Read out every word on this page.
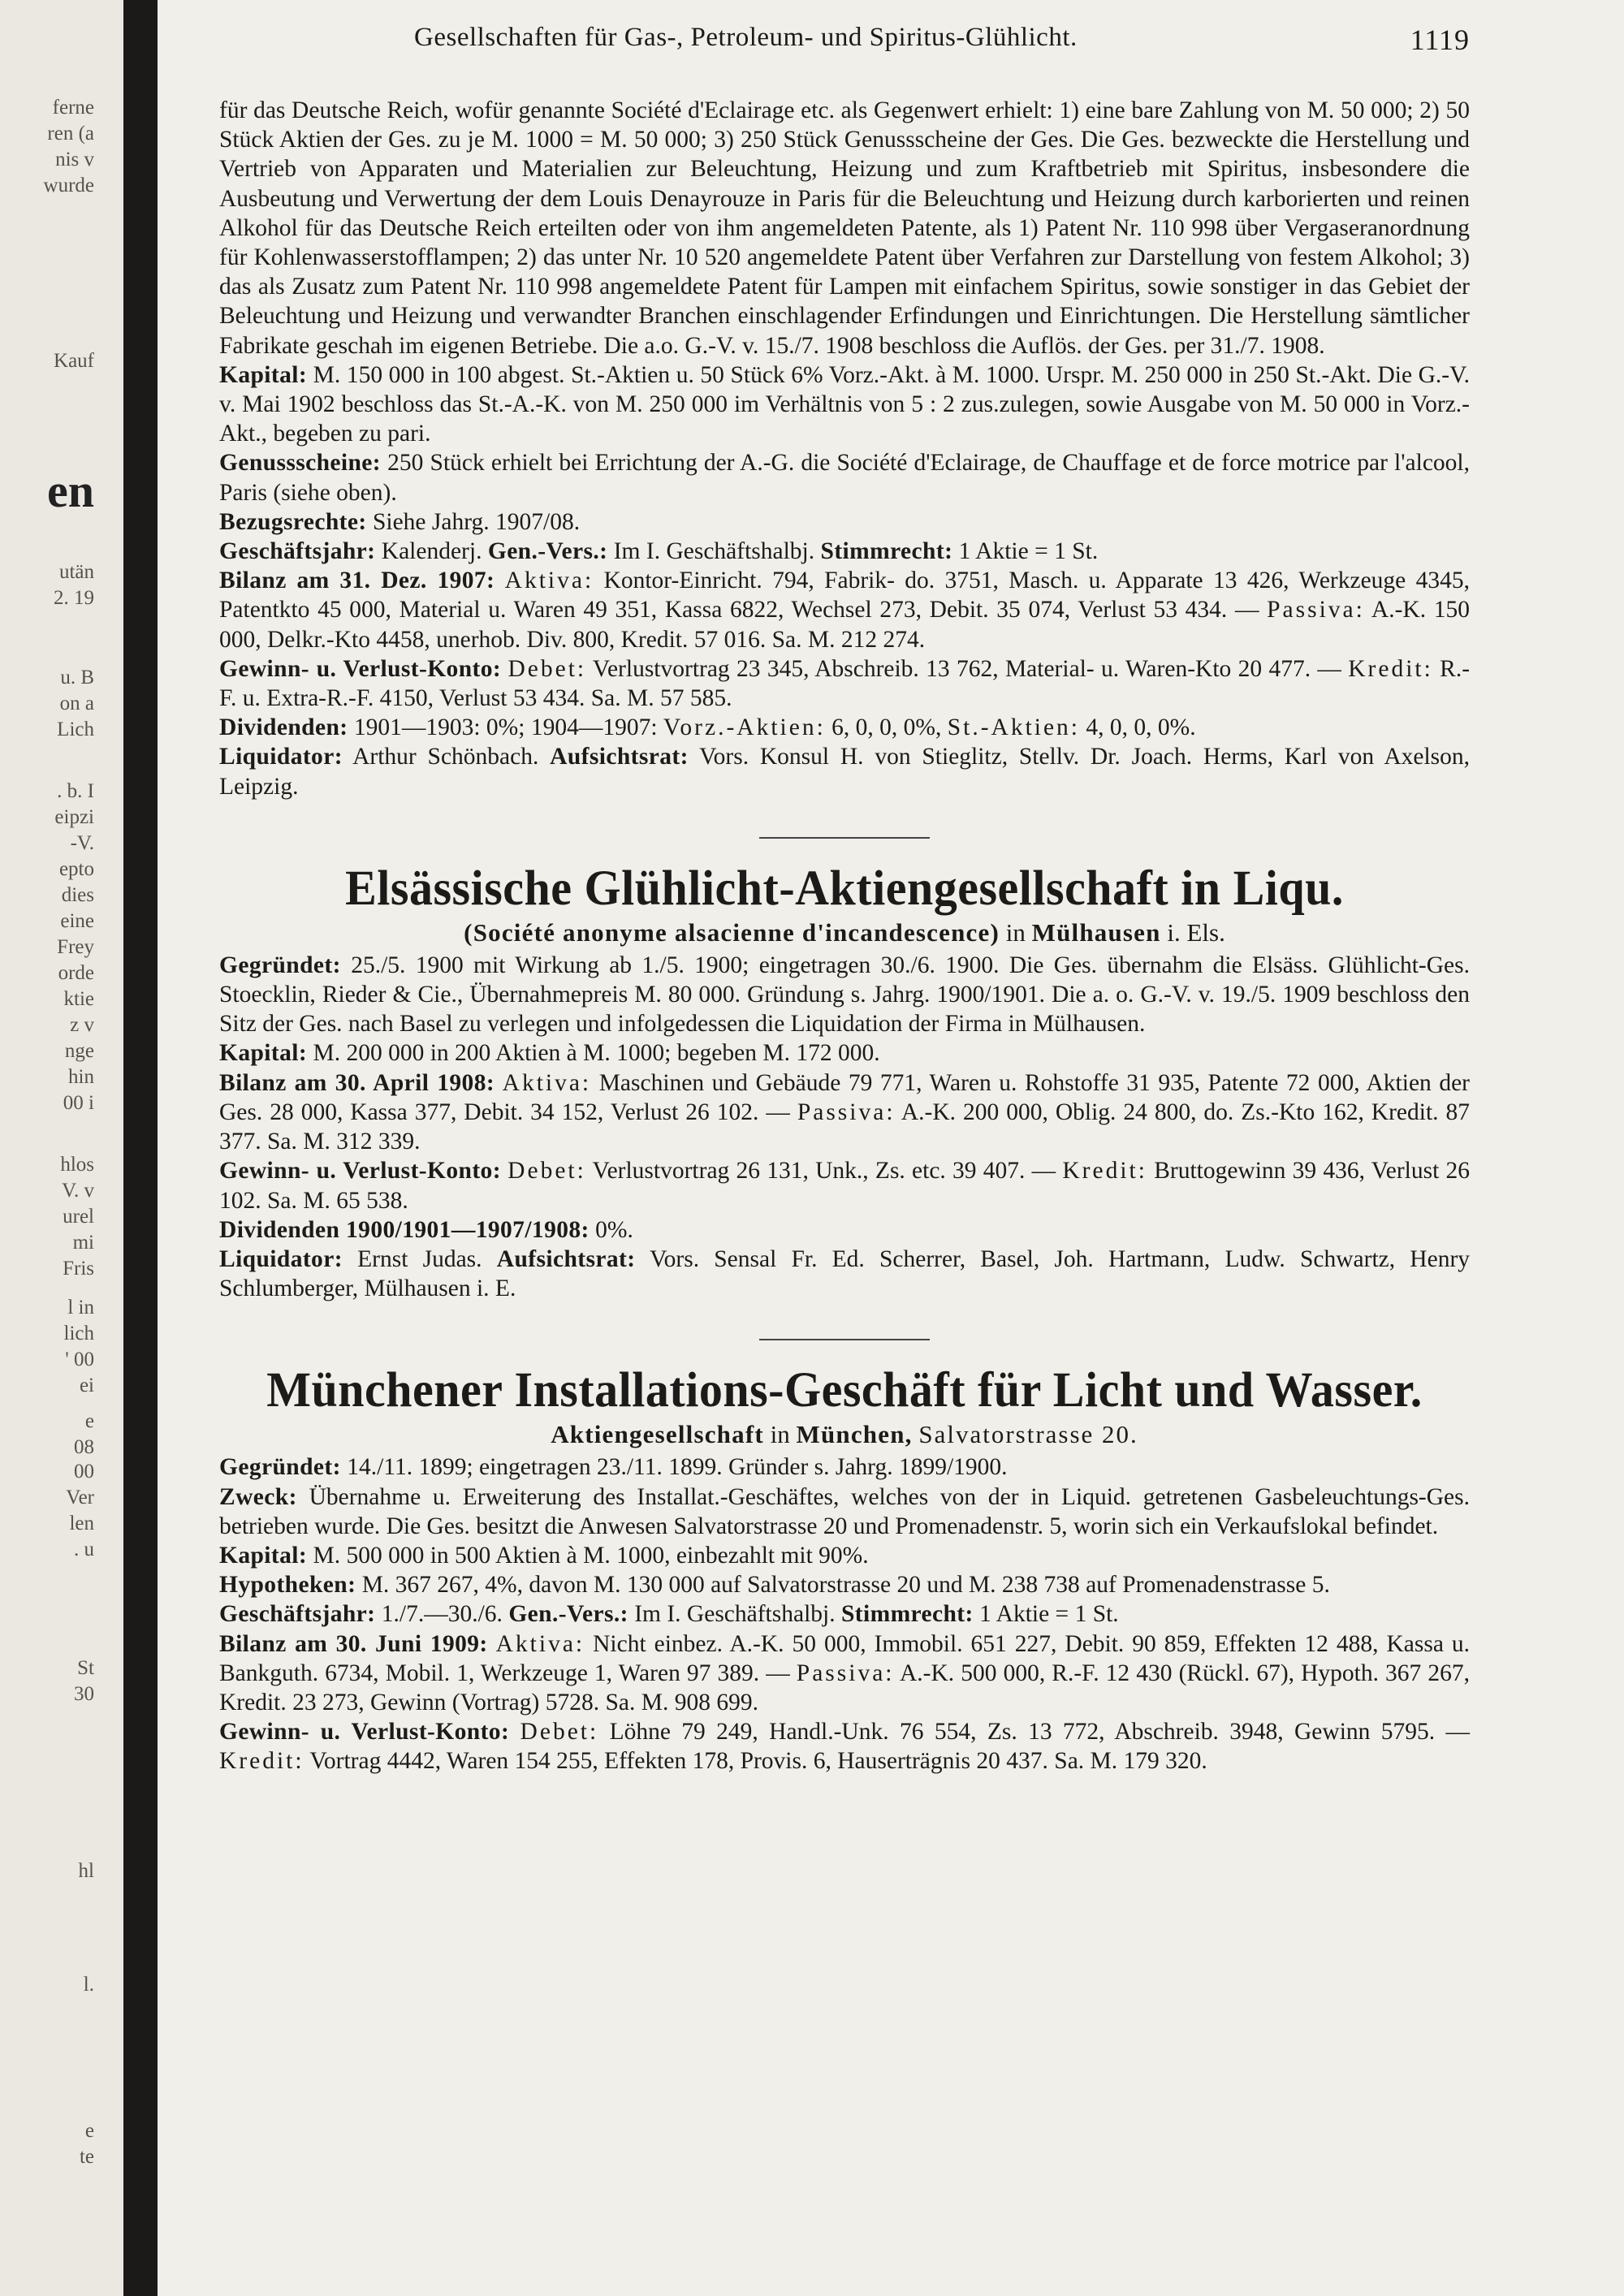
ferne
ren (a
nis v
wurde
Kauf
en
utän
2. 19
u. B
on a
Lich
. b. I
eipzi
-V.
epto
dies
eine
Frey
orde
ktie
z v
nge
hin
00 i
hlos
V. v
urel
mi
Fris
l in
lich
' 00
ei
e
08
00
Ver
len
. u
St
30
hl
l.
e
te
Gesellschaften für Gas-, Petroleum- und Spiritus-Glühlicht.	1119

für das Deutsche Reich, wofür genannte Société d'Eclairage etc. als Gegenwert erhielt: 1) eine bare Zahlung von M. 50 000; 2) 50 Stück Aktien der Ges. zu je M. 1000 = M. 50 000; 3) 250 Stück Genussscheine der Ges. Die Ges. bezweckte die Herstellung und Vertrieb von Apparaten und Materialien zur Beleuchtung, Heizung und zum Kraftbetrieb mit Spiritus, insbesondere die Ausbeutung und Verwertung der dem Louis Denayrouze in Paris für die Beleuchtung und Heizung durch karborierten und reinen Alkohol für das Deutsche Reich erteilten oder von ihm angemeldeten Patente, als 1) Patent Nr. 110 998 über Vergaseranordnung für Kohlenwasserstofflampen; 2) das unter Nr. 10 520 angemeldete Patent über Verfahren zur Darstellung von festem Alkohol; 3) das als Zusatz zum Patent Nr. 110 998 angemeldete Patent für Lampen mit einfachem Spiritus, sowie sonstiger in das Gebiet der Beleuchtung und Heizung und verwandter Branchen einschlagender Erfindungen und Einrichtungen. Die Herstellung sämtlicher Fabrikate geschah im eigenen Betriebe. Die a.o. G.-V. v. 15./7. 1908 beschloss die Auflös. der Ges. per 31./7. 1908.

Kapital: M. 150 000 in 100 abgest. St.-Aktien u. 50 Stück 6% Vorz.-Akt. à M. 1000. Urspr. M. 250 000 in 250 St.-Akt. Die G.-V. v. Mai 1902 beschloss das St.-A.-K. von M. 250 000 im Verhältnis von 5 : 2 zus.zulegen, sowie Ausgabe von M. 50 000 in Vorz.-Akt., begeben zu pari.

Genussscheine: 250 Stück erhielt bei Errichtung der A.-G. die Société d'Eclairage, de Chauffage et de force motrice par l'alcool, Paris (siehe oben).

Bezugsrechte: Siehe Jahrg. 1907/08.

Geschäftsjahr: Kalenderj. Gen.-Vers.: Im I. Geschäftshalbj. Stimmrecht: 1 Aktie = 1 St.

Bilanz am 31. Dez. 1907: Aktiva: Kontor-Einricht. 794, Fabrik- do. 3751, Masch. u. Apparate 13 426, Werkzeuge 4345, Patentkto 45 000, Material u. Waren 49 351, Kassa 6822, Wechsel 273, Debit. 35 074, Verlust 53 434. — Passiva: A.-K. 150 000, Delkr.-Kto 4458, unerhob. Div. 800, Kredit. 57 016. Sa. M. 212 274.

Gewinn- u. Verlust-Konto: Debet: Verlustvortrag 23 345, Abschreib. 13 762, Material- u. Waren-Kto 20 477. — Kredit: R.-F. u. Extra-R.-F. 4150, Verlust 53 434. Sa. M. 57 585.

Dividenden: 1901—1903: 0%; 1904—1907: Vorz.-Aktien: 6, 0, 0, 0%, St.-Aktien: 4, 0, 0, 0%.

Liquidator: Arthur Schönbach. Aufsichtsrat: Vors. Konsul H. von Stieglitz, Stellv. Dr. Joach. Herms, Karl von Axelson, Leipzig.

Elsässische Glühlicht-Aktiengesellschaft in Liqu.

(Société anonyme alsacienne d'incandescence) in Mülhausen i. Els.

Gegründet: 25./5. 1900 mit Wirkung ab 1./5. 1900; eingetragen 30./6. 1900. Die Ges. übernahm die Elsäss. Glühlicht-Ges. Stoecklin, Rieder & Cie., Übernahmepreis M. 80 000. Gründung s. Jahrg. 1900/1901. Die a. o. G.-V. v. 19./5. 1909 beschloss den Sitz der Ges. nach Basel zu verlegen und infolgedessen die Liquidation der Firma in Mülhausen.

Kapital: M. 200 000 in 200 Aktien à M. 1000; begeben M. 172 000.

Bilanz am 30. April 1908: Aktiva: Maschinen und Gebäude 79 771, Waren u. Rohstoffe 31 935, Patente 72 000, Aktien der Ges. 28 000, Kassa 377, Debit. 34 152, Verlust 26 102. — Passiva: A.-K. 200 000, Oblig. 24 800, do. Zs.-Kto 162, Kredit. 87 377. Sa. M. 312 339.

Gewinn- u. Verlust-Konto: Debet: Verlustvortrag 26 131, Unk., Zs. etc. 39 407. — Kredit: Bruttogewinn 39 436, Verlust 26 102. Sa. M. 65 538.

Dividenden 1900/1901—1907/1908: 0%.

Liquidator: Ernst Judas. Aufsichtsrat: Vors. Sensal Fr. Ed. Scherrer, Basel, Joh. Hartmann, Ludw. Schwartz, Henry Schlumberger, Mülhausen i. E.

Münchener Installations-Geschäft für Licht und Wasser.

Aktiengesellschaft in München, Salvatorstrasse 20.

Gegründet: 14./11. 1899; eingetragen 23./11. 1899. Gründer s. Jahrg. 1899/1900.

Zweck: Übernahme u. Erweiterung des Installat.-Geschäftes, welches von der in Liquid. getretenen Gasbeleuchtungs-Ges. betrieben wurde. Die Ges. besitzt die Anwesen Salvatorstrasse 20 und Promenadenstr. 5, worin sich ein Verkaufslokal befindet.

Kapital: M. 500 000 in 500 Aktien à M. 1000, einbezahlt mit 90%.

Hypotheken: M. 367 267, 4%, davon M. 130 000 auf Salvatorstrasse 20 und M. 238 738 auf Promenadenstrasse 5.

Geschäftsjahr: 1./7.—30./6. Gen.-Vers.: Im I. Geschäftshalbj. Stimmrecht: 1 Aktie = 1 St.

Bilanz am 30. Juni 1909: Aktiva: Nicht einbez. A.-K. 50 000, Immobil. 651 227, Debit. 90 859, Effekten 12 488, Kassa u. Bankguth. 6734, Mobil. 1, Werkzeuge 1, Waren 97 389. — Passiva: A.-K. 500 000, R.-F. 12 430 (Rückl. 67), Hypoth. 367 267, Kredit. 23 273, Gewinn (Vortrag) 5728. Sa. M. 908 699.

Gewinn- u. Verlust-Konto: Debet: Löhne 79 249, Handl.-Unk. 76 554, Zs. 13 772, Abschreib. 3948, Gewinn 5795. — Kredit: Vortrag 4442, Waren 154 255, Effekten 178, Provis. 6, Hauserträgnis 20 437. Sa. M. 179 320.
